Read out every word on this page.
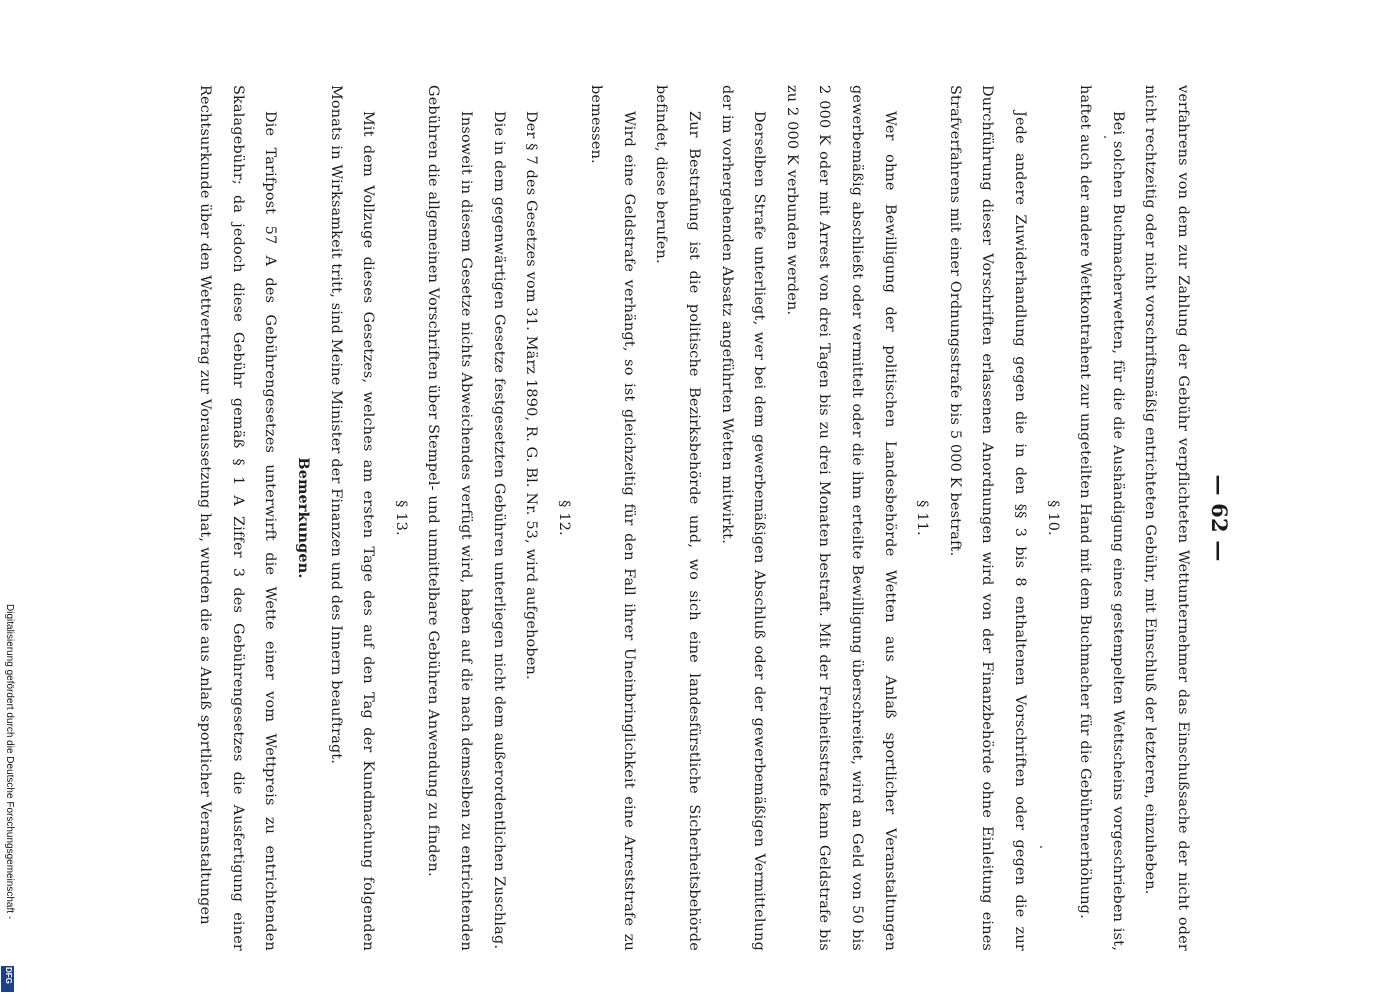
— 62 —

verfahrens von dem zur Zahlung der Gebühr verpflichteten Wettunternehmer das Einschußsache der nicht oder nicht rechtzeitig oder nicht vorschriftsmäßig entrichteten Gebühr, mit Einschluß der letzteren, einzuheben.

Bei solchen Buchmacherwetten, für die die Aushändigung eines gestempelten Wettscheins vorgeschrieben ist, haftet auch der andere Wettkontrahent zur ungeteilten Hand mit dem Buchmacher für die Gebührenerhöhung.

§ 10.

Jede andere Zuwiderhandlung gegen die in den §§ 3 bis 8 enthaltenen Vorschriften oder gegen die zur Durchführung dieser Vorschriften erlassenen Anordnungen wird von der Finanzbehörde ohne Einleitung eines Strafverfahrens mit einer Ordnungsstrafe bis 5 000 K bestraft.

§ 11.

Wer ohne Bewilligung der politischen Landesbehörde Wetten aus Anlaß sportlicher Veranstaltungen gewerbemäßig abschließt oder vermittelt oder die ihm erteilte Bewilligung überschreitet, wird an Geld von 50 bis 2 000 K oder mit Arrest von drei Tagen bis zu drei Monaten bestraft. Mit der Freiheitsstrafe kann Geldstrafe bis zu 2 000 K verbunden werden.

Derselben Strafe unterliegt, wer bei dem gewerbemäßigen Abschluß oder der gewerbemäßigen Vermittelung der im vorhergehenden Absatz angeführten Wetten mitwirkt.

Zur Bestrafung ist die politische Bezirksbehörde und, wo sich eine landesfürstliche Sicherheitsbehörde befindet, diese berufen.

Wird eine Geldstrafe verhängt, so ist gleichzeitig für den Fall ihrer Uneinbringlichkeit eine Arreststrafe zu bemessen.

§ 12.

Der § 7 des Gesetzes vom 31. März 1890, R. G. Bl. Nr. 53, wird aufgehoben.

Die in dem gegenwärtigen Gesetze festgesetzten Gebühren unterliegen nicht dem außerordentlichen Zuschlag.

Insoweit in diesem Gesetze nichts Abweichendes verfügt wird, haben auf die nach demselben zu entrichtenden Gebühren die allgemeinen Vorschriften über Stempel- und unmittelbare Gebühren Anwendung zu finden.

§ 13.

Mit dem Vollzuge dieses Gesetzes, welches am ersten Tage des auf den Tag der Kundmachung folgenden Monats in Wirksamkeit tritt, sind Meine Minister der Finanzen und des Innern beauftragt.

Bemerkungen.

Die Tarifpost 57 A des Gebührengesetzes unterwirft die Wette einer vom Wettpreis zu entrichtenden Skalagebühr; da jedoch diese Gebühr gemäß § 1 A Ziffer 3 des Gebührengesetzes die Ausfertigung einer Rechtsurkunde über den Wettvertrag zur Voraussetzung hat, wurden die aus Anlaß sportlicher Veranstaltungen

Digitalisierung gefördert durch die Deutsche Forschungsgemeinschaft -
DFG
